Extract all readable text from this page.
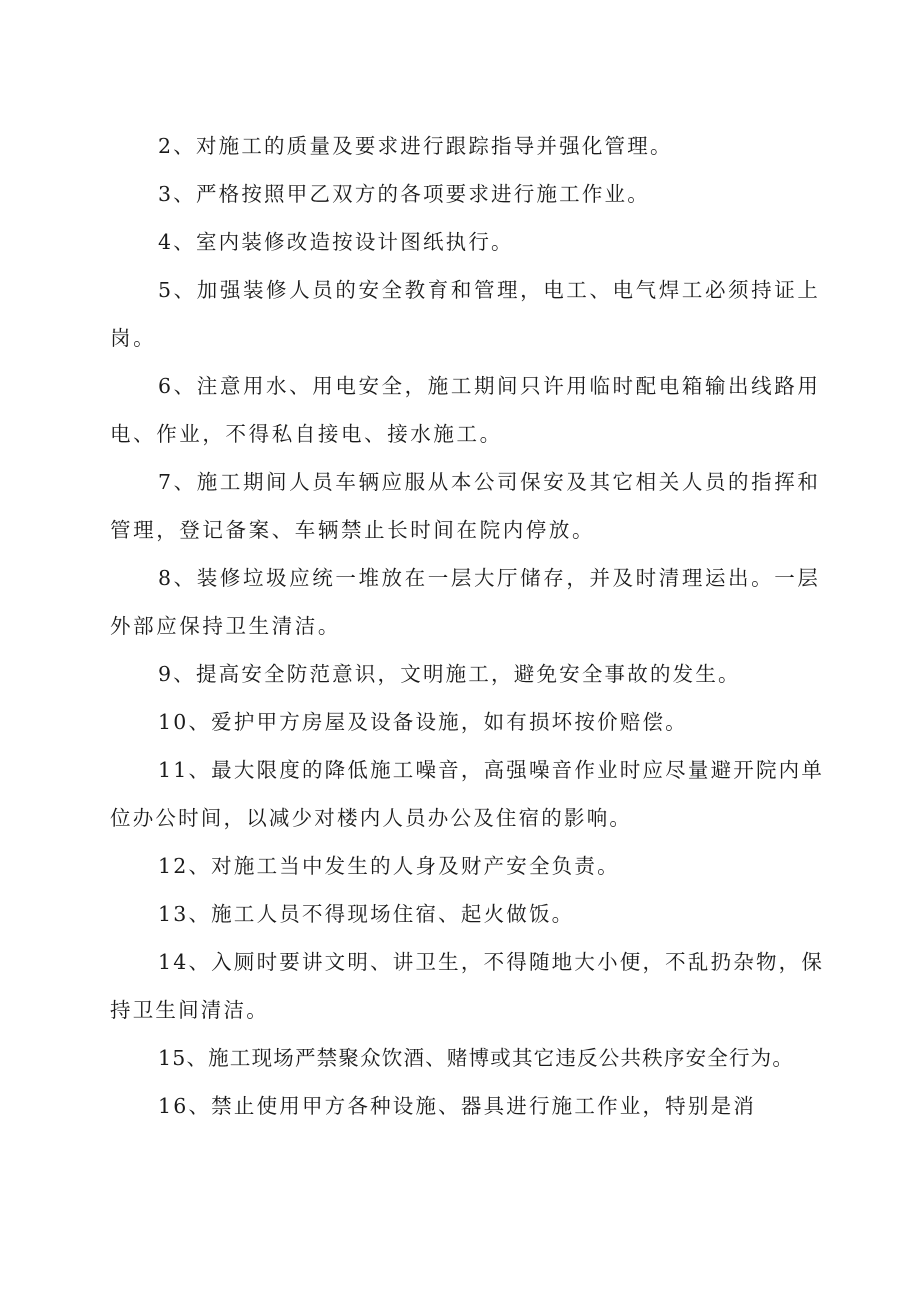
2、对施工的质量及要求进行跟踪指导并强化管理。

3、严格按照甲乙双方的各项要求进行施工作业。

4、室内装修改造按设计图纸执行。

5、加强装修人员的安全教育和管理，电工、电气焊工必须持证上岗。

6、注意用水、用电安全，施工期间只许用临时配电箱输出线路用电、作业，不得私自接电、接水施工。

7、施工期间人员车辆应服从本公司保安及其它相关人员的指挥和管理，登记备案、车辆禁止长时间在院内停放。

8、装修垃圾应统一堆放在一层大厅储存，并及时清理运出。一层外部应保持卫生清洁。

9、提高安全防范意识，文明施工，避免安全事故的发生。

10、爱护甲方房屋及设备设施，如有损坏按价赔偿。

11、最大限度的降低施工噪音，高强噪音作业时应尽量避开院内单位办公时间，以减少对楼内人员办公及住宿的影响。

12、对施工当中发生的人身及财产安全负责。

13、施工人员不得现场住宿、起火做饭。

14、入厕时要讲文明、讲卫生，不得随地大小便，不乱扔杂物，保持卫生间清洁。

15、施工现场严禁聚众饮酒、赌博或其它违反公共秩序安全行为。

16、禁止使用甲方各种设施、器具进行施工作业，特别是消
